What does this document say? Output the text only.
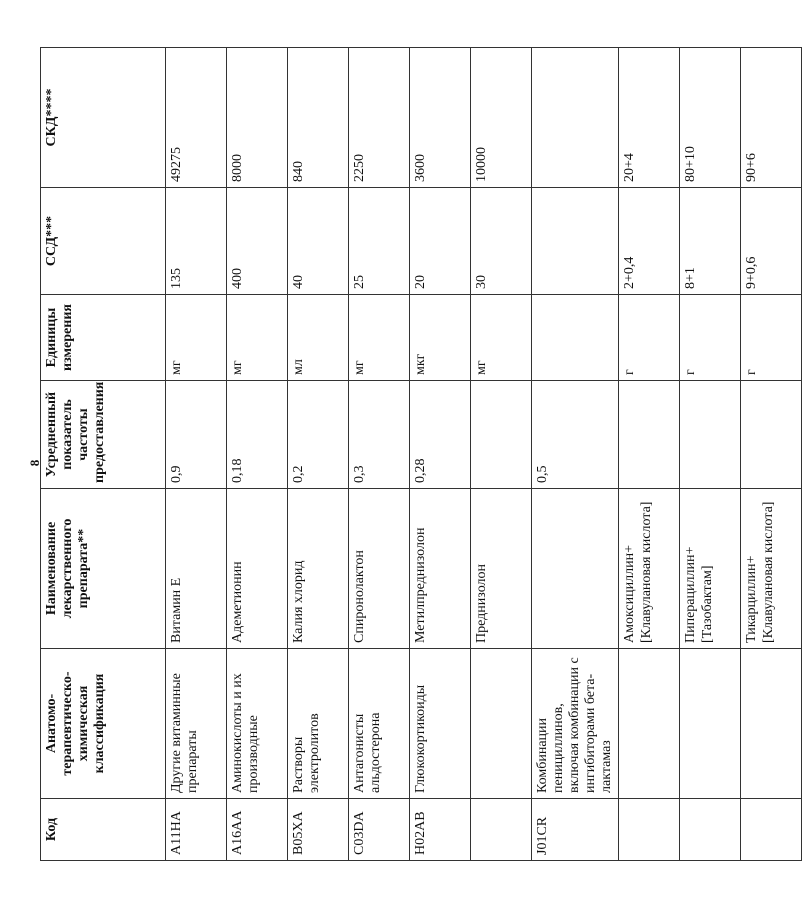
8
Код	Анатомо-терапевтическо-химическая классификация	Наименование лекарственного препарата**	Усредненный показатель частоты предоставления	Единицы измерения	ССД***	СКД****
A11HA	Другие витаминные препараты	Витамин Е	0,9	мг	135	49275
A16AA	Аминокислоты и их производные	Адеметионин	0,18	мг	400	8000
B05XA	Растворы электролитов	Калия хлорид	0,2	мл	40	840
C03DA	Антагонисты альдостерона	Спиронолактон	0,3	мг	25	2250
H02AB	Глюкокортикоиды	Метилпреднизолон	0,28	мкг	20	3600
		Преднизолон		мг	30	10000
J01CR	Комбинации пенициллинов, включая комбинации с ингибиторами бета-лактамаз		0,5			
		Амоксициллин+ [Клавулановая кислота]		г	2+0,4	20+4
		Пиперациллин+ [Тазобактам]		г	8+1	80+10
		Тикарциллин+ [Клавулановая кислота]		г	9+0,6	90+6
